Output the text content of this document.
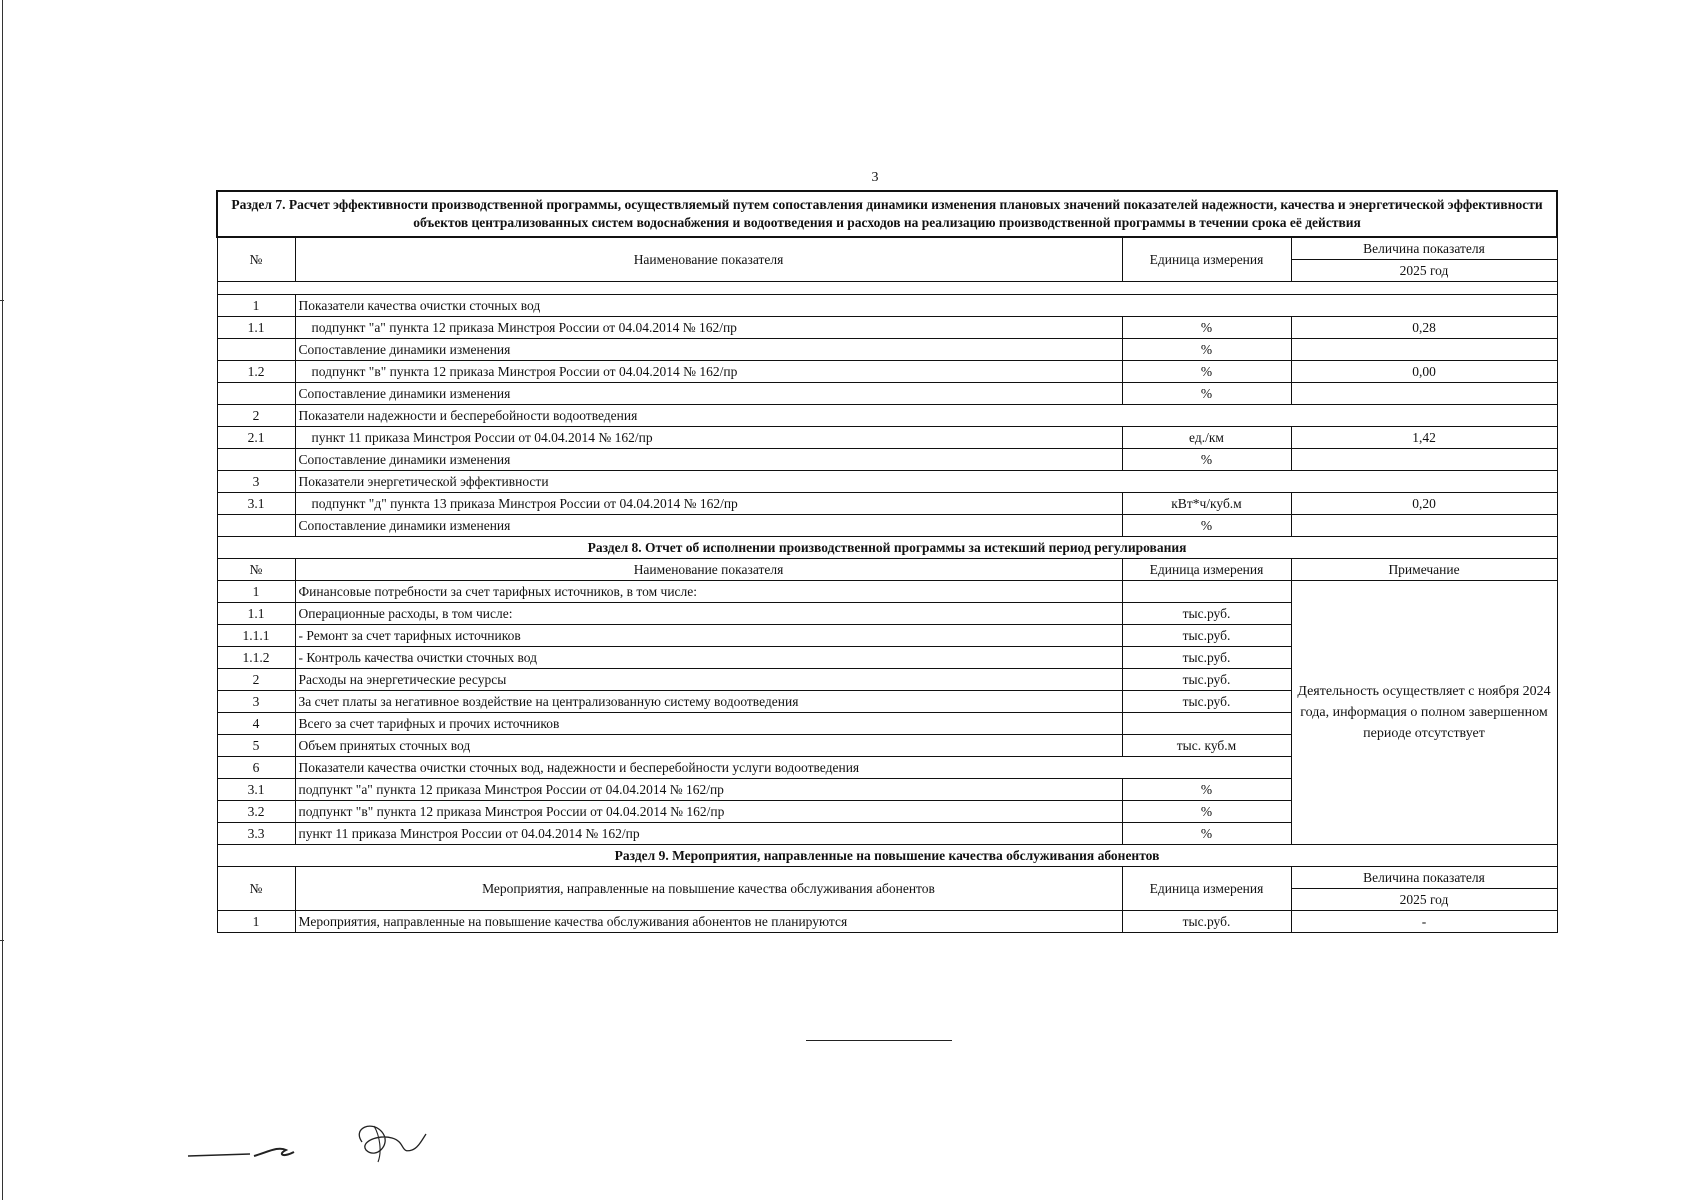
3
Раздел 7. Расчет эффективности производственной программы, осуществляемый путем сопоставления динамики изменения плановых значений показателей надежности, качества и энергетической эффективности объектов централизованных систем водоснабжения и водоотведения и расходов на реализацию производственной программы в течении срока её действия			
№	Наименование показателя	Единица измерения	Величина показателя
			2025 год

1	Показатели качества очистки сточных вод		
1.1	подпункт "а" пункта 12 приказа Минстроя России от 04.04.2014 № 162/пр	%	0,28
	Сопоставление динамики изменения	%	
1.2	подпункт "в" пункта 12 приказа Минстроя России от 04.04.2014 № 162/пр	%	0,00
	Сопоставление динамики изменения	%	
2	Показатели надежности и бесперебойности водоотведения		
2.1	пункт 11 приказа Минстроя России от 04.04.2014 № 162/пр	ед./км	1,42
	Сопоставление динамики изменения	%	
3	Показатели энергетической эффективности		
3.1	подпункт "д" пункта 13 приказа Минстроя России от 04.04.2014 № 162/пр	кВт*ч/куб.м	0,20
	Сопоставление динамики изменения	%	
Раздел 8. Отчет об исполнении производственной программы за истекший период регулирования			
№	Наименование показателя	Единица измерения	Примечание
1	Финансовые потребности за счет тарифных источников, в том числе:		Деятельность осуществляет с ноября 2024 года, информация о полном завершенном периоде отсутствует
1.1	Операционные расходы, в том числе:	тыс.руб.	
1.1.1	- Ремонт за счет тарифных источников	тыс.руб.	
1.1.2	- Контроль качества очистки сточных вод	тыс.руб.	
2	Расходы на энергетические ресурсы	тыс.руб.	
3	За счет платы за негативное воздействие на централизованную систему водоотведения	тыс.руб.	
4	Всего за счет тарифных и прочих источников		
5	Объем принятых сточных вод	тыс. куб.м	
6	Показатели качества очистки сточных вод, надежности и бесперебойности услуги водоотведения		
3.1	подпункт "а" пункта 12 приказа Минстроя России от 04.04.2014 № 162/пр	%	
3.2	подпункт "в" пункта 12 приказа Минстроя России от 04.04.2014 № 162/пр	%	
3.3	пункт 11 приказа Минстроя России от 04.04.2014 № 162/пр	%	
Раздел 9. Мероприятия, направленные на повышение качества обслуживания абонентов			
№	Мероприятия, направленные на повышение качества обслуживания абонентов	Единица измерения	Величина показателя
			2025 год
1	Мероприятия, направленные на повышение качества обслуживания абонентов не планируются	тыс.руб.	-
